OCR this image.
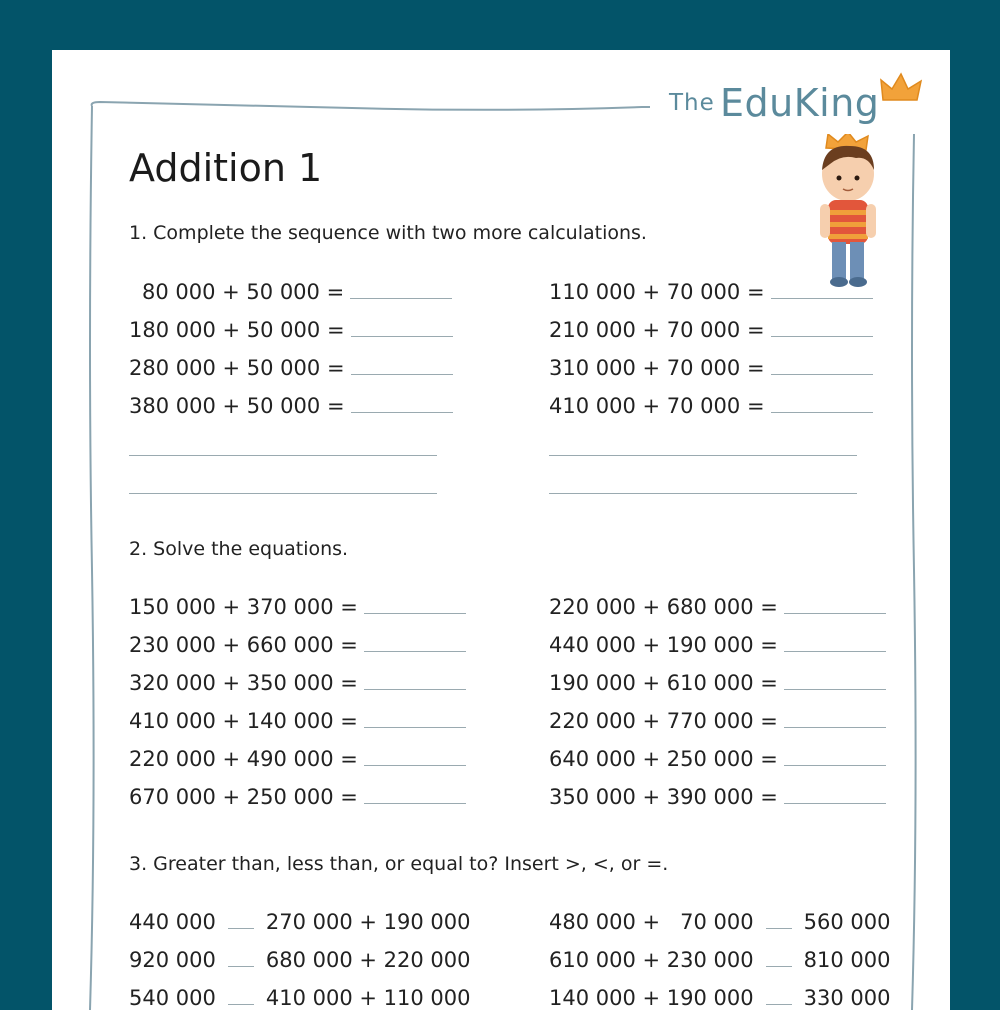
The EduKing
Addition 1
1. Complete the sequence with two more calculations.
80 000 + 50 000 =
180 000 + 50 000 =
280 000 + 50 000 =
380 000 + 50 000 =
110 000 + 70 000 =
210 000 + 70 000 =
310 000 + 70 000 =
410 000 + 70 000 =
2. Solve the equations.
150 000 + 370 000 =
230 000 + 660 000 =
320 000 + 350 000 =
410 000 + 140 000 =
220 000 + 490 000 =
670 000 + 250 000 =
220 000 + 680 000 =
440 000 + 190 000 =
190 000 + 610 000 =
220 000 + 770 000 =
640 000 + 250 000 =
350 000 + 390 000 =
3. Greater than, less than, or equal to? Insert >, <, or =.
440 000 270 000 + 190 000
920 000 680 000 + 220 000
540 000 410 000 + 110 000
480 000 +   70 000 560 000
610 000 + 230 000 810 000
140 000 + 190 000 330 000
